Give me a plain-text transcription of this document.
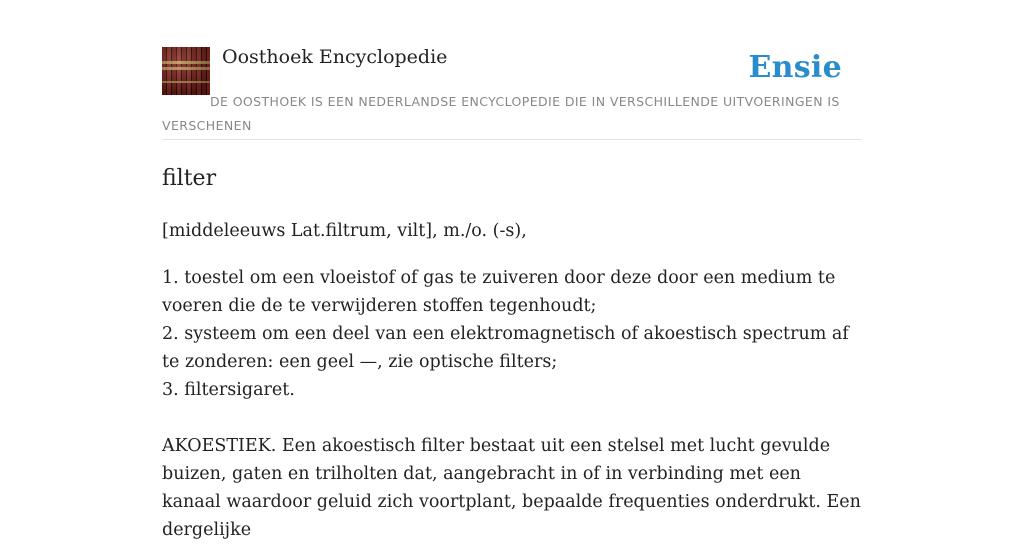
Oosthoek Encyclopedie	Ensie
DE OOSTHOEK IS EEN NEDERLANDSE ENCYCLOPEDIE DIE IN VERSCHILLENDE UITVOERINGEN IS VERSCHENEN
filter

[middeleeuws Lat.filtrum, vilt], m./o. (-s),

1. toestel om een vloeistof of gas te zuiveren door deze door een medium te voeren die de te verwijderen stoffen tegenhoudt;
2. systeem om een deel van een elektromagnetisch of akoestisch spectrum af te zonderen: een geel —, zie optische filters;
3. filtersigaret.

AKOESTIEK. Een akoestisch filter bestaat uit een stelsel met lucht gevulde buizen, gaten en trilholten dat, aangebracht in of in verbinding met een kanaal waardoor geluid zich voortplant, bepaalde frequenties onderdrukt. Een dergelijke
